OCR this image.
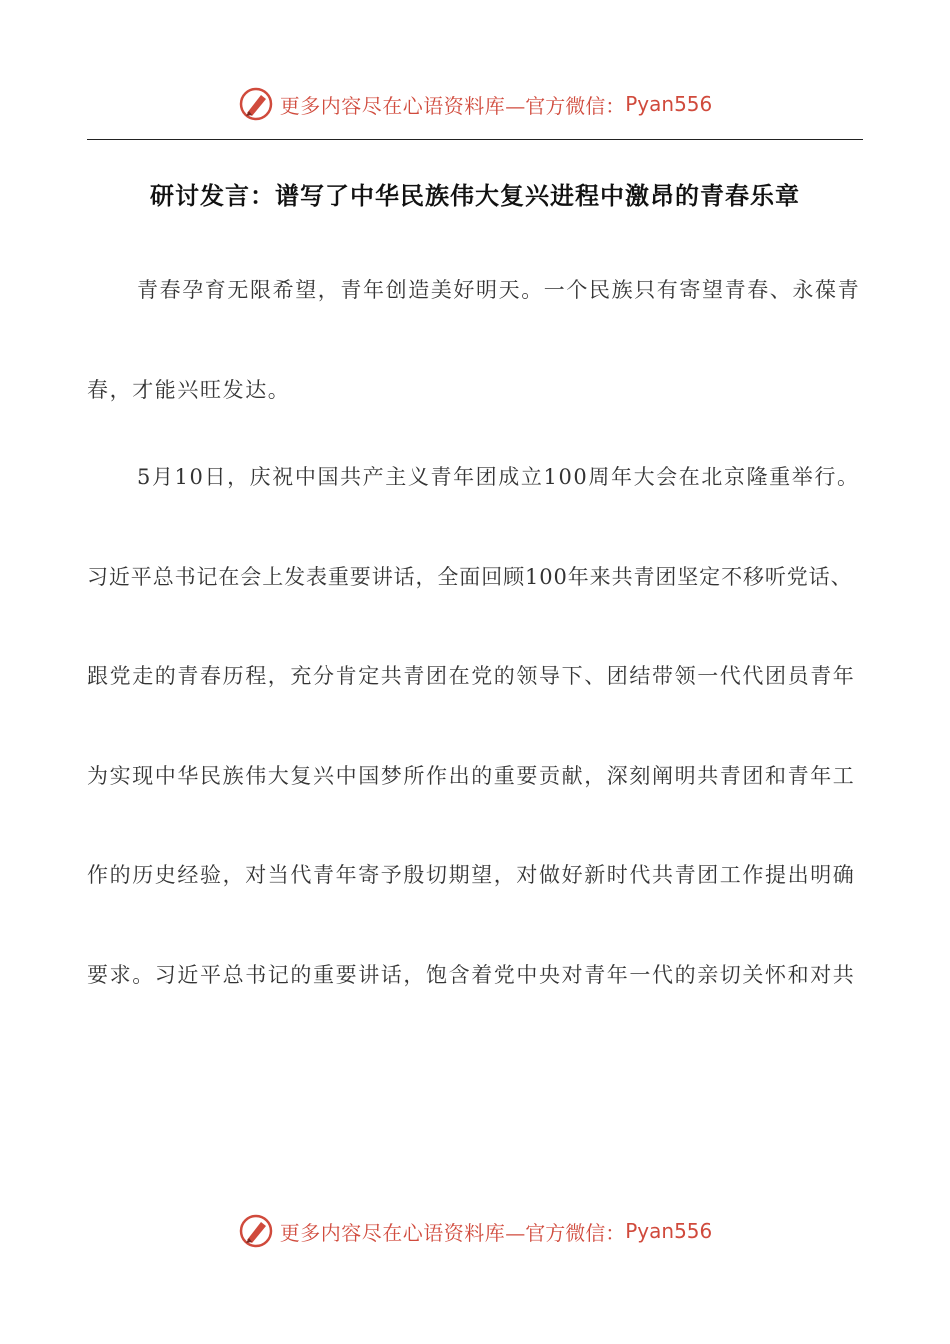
更多内容尽在心语资料库 —官方微信： Pyan556
研讨发言：谱写了中华民族伟大复兴进程中激昂的青春乐章
青春孕育无限希望，青年创造美好明天。一个民族只有寄望青春、永葆青
春，才能兴旺发达。
5月10日，庆祝中国共产主义青年团成立100周年大会在北京隆重举行。
习近平总书记在会上发表重要讲话，全面回顾100年来共青团坚定不移听党话、
跟党走的青春历程，充分肯定共青团在党的领导下、团结带领一代代团员青年
为实现中华民族伟大复兴中国梦所作出的重要贡献，深刻阐明共青团和青年工
作的历史经验，对当代青年寄予殷切期望，对做好新时代共青团工作提出明确
要求。习近平总书记的重要讲话，饱含着党中央对青年一代的亲切关怀和对共
更多内容尽在心语资料库 —官方微信： Pyan556
